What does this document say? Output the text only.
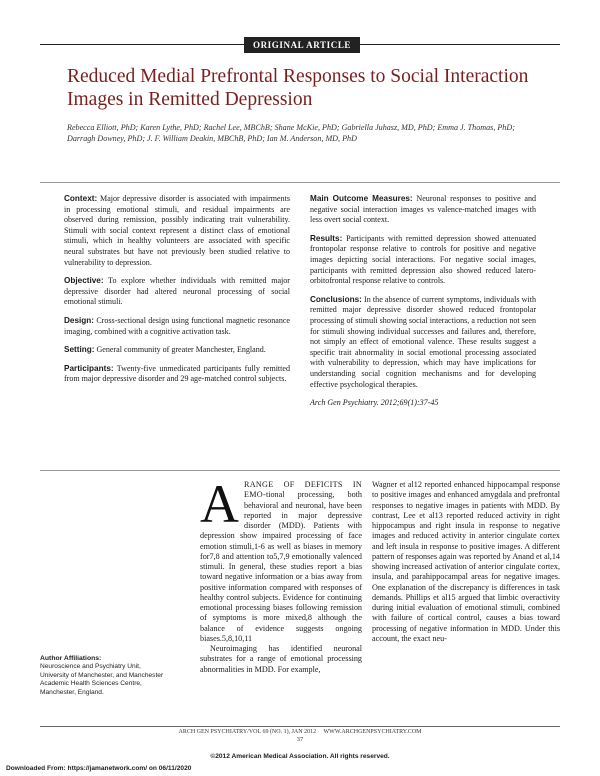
ORIGINAL ARTICLE
Reduced Medial Prefrontal Responses to Social Interaction Images in Remitted Depression
Rebecca Elliott, PhD; Karen Lythe, PhD; Rachel Lee, MBChB; Shane McKie, PhD; Gabriella Juhasz, MD, PhD; Emma J. Thomas, PhD; Darragh Downey, PhD; J. F. William Deakin, MBChB, PhD; Ian M. Anderson, MD, PhD

Context: Major depressive disorder is associated with impairments in processing emotional stimuli, and residual impairments are observed during remission, possibly indicating trait vulnerability. Stimuli with social context represent a distinct class of emotional stimuli, which in healthy volunteers are associated with specific neural substrates but have not previously been studied relative to vulnerability to depression.

Objective: To explore whether individuals with remitted major depressive disorder had altered neuronal processing of social emotional stimuli.

Design: Cross-sectional design using functional magnetic resonance imaging, combined with a cognitive activation task.

Setting: General community of greater Manchester, England.

Participants: Twenty-five unmedicated participants fully remitted from major depressive disorder and 29 age-matched control subjects.

Main Outcome Measures: Neuronal responses to positive and negative social interaction images vs valence-matched images with less overt social context.

Results: Participants with remitted depression showed attenuated frontopolar response relative to controls for positive and negative images depicting social interactions. For negative social images, participants with remitted depression also showed reduced latero-orbitofrontal response relative to controls.

Conclusions: In the absence of current symptoms, individuals with remitted major depressive disorder showed reduced frontopolar processing of stimuli showing social interactions, a reduction not seen for stimuli showing individual successes and failures and, therefore, not simply an effect of emotional valence. These results suggest a specific trait abnormality in social emotional processing associated with vulnerability to depression, which may have implications for understanding social cognition mechanisms and for developing effective psychological therapies.

Arch Gen Psychiatry. 2012;69(1):37-45

ARANGE OF DEFICITS IN EMO-tional processing, both behavioral and neuronal, have been reported in major depressive disorder (MDD). Patients with depression show impaired processing of face emotion stimuli,1-6 as well as biases in memory for7,8 and attention to5,7,9 emotionally valenced stimuli. In general, these studies report a bias toward negative information or a bias away from positive information compared with responses of healthy control subjects. Evidence for continuing emotional processing biases following remission of symptoms is more mixed,8 although the balance of evidence suggests ongoing biases.5,8,10,11

Neuroimaging has identified neuronal substrates for a range of emotional processing abnormalities in MDD. For example,

Wagner et al12 reported enhanced hippocampal response to positive images and enhanced amygdala and prefrontal responses to negative images in patients with MDD. By contrast, Lee et al13 reported reduced activity in right hippocampus and right insula in response to negative images and reduced activity in anterior cingulate cortex and left insula in response to positive images. A different pattern of responses again was reported by Anand et al,14 showing increased activation of anterior cingulate cortex, insula, and parahippocampal areas for negative images. One explanation of the discrepancy is differences in task demands. Phillips et al15 argued that limbic overactivity during initial evaluation of emotional stimuli, combined with failure of cortical control, causes a bias toward processing of negative information in MDD. Under this account, the exact neu-

Author Affiliations:
Neuroscience and Psychiatry Unit, University of Manchester, and Manchester Academic Health Sciences Centre, Manchester, England.
ARCH GEN PSYCHIATRY/VOL 69 (NO. 1), JAN 2012     WWW.ARCHGENPSYCHIATRY.COM
37
©2012 American Medical Association. All rights reserved.
Downloaded From: https://jamanetwork.com/ on 06/11/2020
